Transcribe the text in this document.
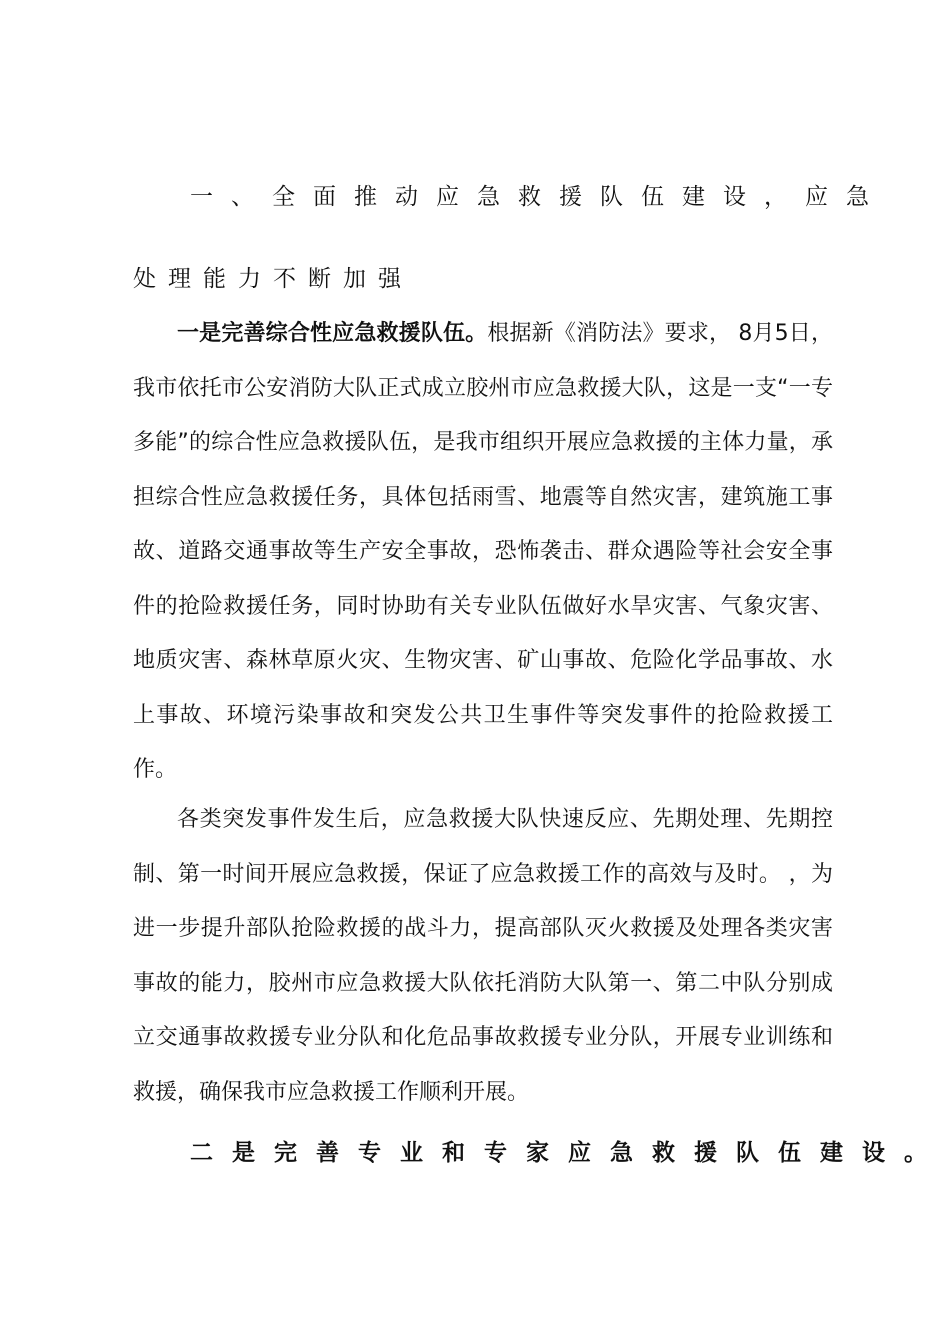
一、全面推动应急救援队伍建设，应急
处理能力不断加强
一是完善综合性应急救援队伍。根据新《消防法》要求， 8月5日，我市依托市公安消防大队正式成立胶州市应急救援大队，这是一支“一专多能”的综合性应急救援队伍，是我市组织开展应急救援的主体力量，承担综合性应急救援任务，具体包括雨雪、地震等自然灾害，建筑施工事故、道路交通事故等生产安全事故，恐怖袭击、群众遇险等社会安全事件的抢险救援任务，同时协助有关专业队伍做好水旱灾害、气象灾害、地质灾害、森林草原火灾、生物灾害、矿山事故、危险化学品事故、水上事故、环境污染事故和突发公共卫生事件等突发事件的抢险救援工作。
各类突发事件发生后，应急救援大队快速反应、先期处理、先期控制、第一时间开展应急救援，保证了应急救援工作的高效与及时。 ，为进一步提升部队抢险救援的战斗力，提高部队灭火救援及处理各类灾害事故的能力，胶州市应急救援大队依托消防大队第一、第二中队分别成立交通事故救援专业分队和化危品事故救援专业分队，开展专业训练和救援，确保我市应急救援工作顺利开展。
二是完善专业和专家应急救援队伍建设。
